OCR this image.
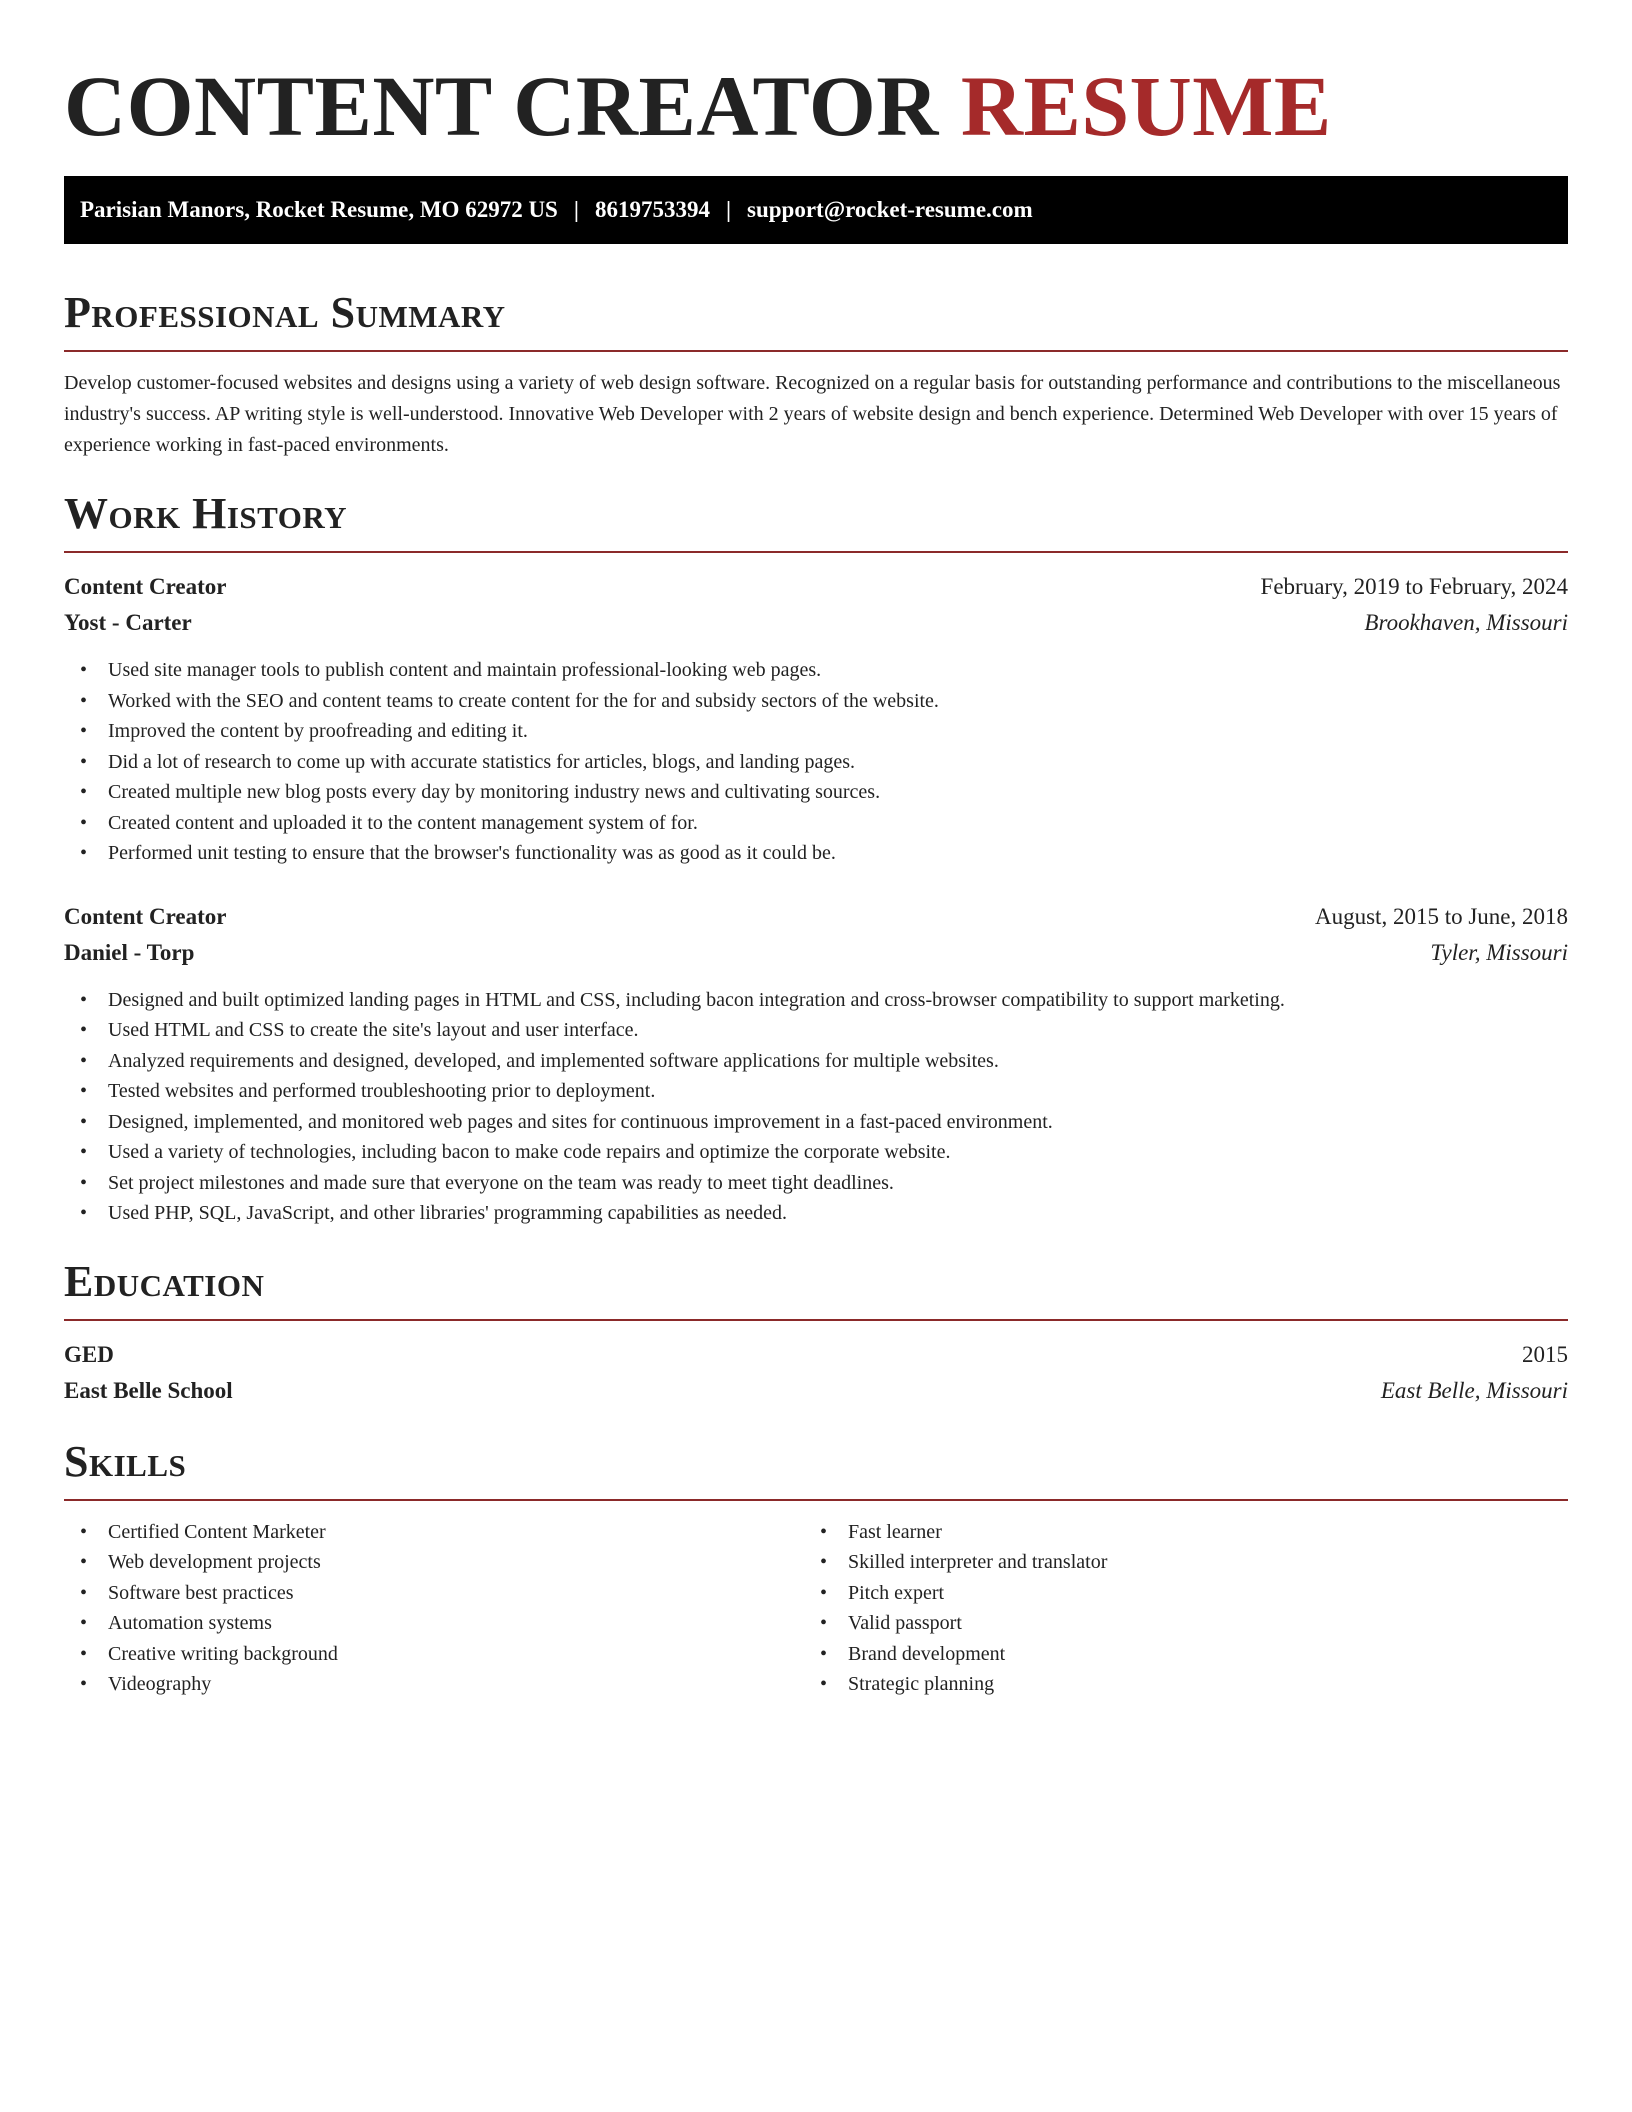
CONTENT CREATOR RESUME
Parisian Manors, Rocket Resume, MO 62972 US | 8619753394 | support@rocket-resume.com
Professional Summary

Develop customer-focused websites and designs using a variety of web design software. Recognized on a regular basis for outstanding performance and contributions to the miscellaneous industry's success. AP writing style is well-understood. Innovative Web Developer with 2 years of website design and bench experience. Determined Web Developer with over 15 years of experience working in fast-paced environments.

Work History
Content Creator	February, 2019 to February, 2024
Yost - Carter	Brookhaven, Missouri
• Used site manager tools to publish content and maintain professional-looking web pages.
• Worked with the SEO and content teams to create content for the for and subsidy sectors of the website.
• Improved the content by proofreading and editing it.
• Did a lot of research to come up with accurate statistics for articles, blogs, and landing pages.
• Created multiple new blog posts every day by monitoring industry news and cultivating sources.
• Created content and uploaded it to the content management system of for.
• Performed unit testing to ensure that the browser's functionality was as good as it could be.
Content Creator	August, 2015 to June, 2018
Daniel - Torp	Tyler, Missouri
• Designed and built optimized landing pages in HTML and CSS, including bacon integration and cross-browser compatibility to support marketing.
• Used HTML and CSS to create the site's layout and user interface.
• Analyzed requirements and designed, developed, and implemented software applications for multiple websites.
• Tested websites and performed troubleshooting prior to deployment.
• Designed, implemented, and monitored web pages and sites for continuous improvement in a fast-paced environment.
• Used a variety of technologies, including bacon to make code repairs and optimize the corporate website.
• Set project milestones and made sure that everyone on the team was ready to meet tight deadlines.
• Used PHP, SQL, JavaScript, and other libraries' programming capabilities as needed.
Education
GED	2015
East Belle School	East Belle, Missouri
Skills
• Certified Content Marketer
• Web development projects
• Software best practices
• Automation systems
• Creative writing background
• Videography
• Fast learner
• Skilled interpreter and translator
• Pitch expert
• Valid passport
• Brand development
• Strategic planning
